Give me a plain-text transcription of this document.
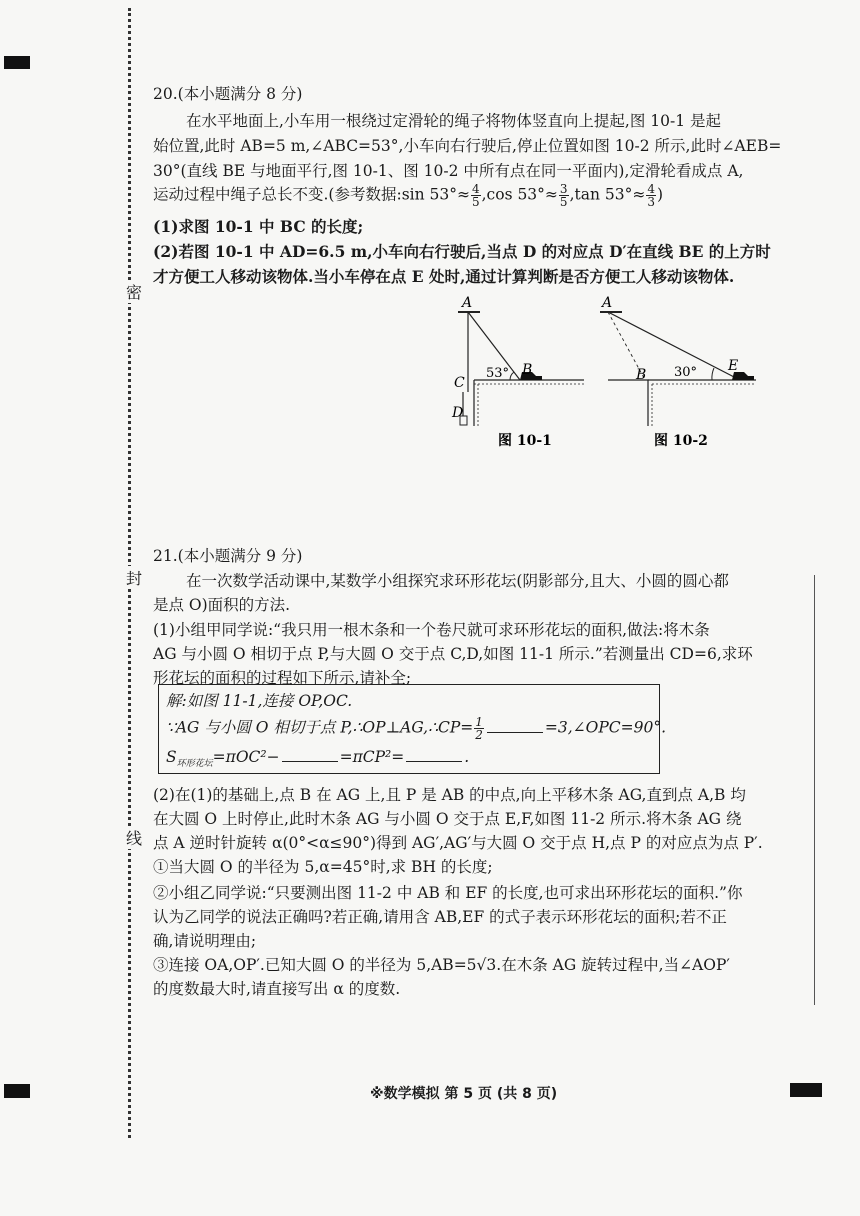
密
封
线
20.(本小题满分 8 分)
在水平地面上,小车用一根绕过定滑轮的绳子将物体竖直向上提起,图 10-1 是起
始位置,此时 AB=5 m,∠ABC=53°,小车向右行驶后,停止位置如图 10-2 所示,此时∠AEB=
30°(直线 BE 与地面平行,图 10-1、图 10-2 中所有点在同一平面内),定滑轮看成点 A,
运动过程中绳子总长不变.(参考数据:sin $53^\circ\approx \frac{4}{5} ,\cos$ $53^\circ\approx \frac{3}{5} ,\tan$ $53^\circ\approx \frac{4}{3}$ )
(1)求图 10-1 中 BC 的长度;
(2)若图 10-1 中 AD=6.5 m,小车向右行驶后,当点 D 的对应点 D′在直线 BE 的上方时
才方便工人移动该物体.当小车停在点 E 处时,通过计算判断是否方便工人移动该物体.
A
B
C
D
53°
图 10-1
A
B
E
30°
图 10-2
21.(本小题满分 9 分)
在一次数学活动课中,某数学小组探究求环形花坛(阴影部分,且大、小圆的圆心都
是点 O)面积的方法.
(1)小组甲同学说:“我只用一根木条和一个卷尺就可求环形花坛的面积,做法:将木条
AG 与小圆 O 相切于点 P,与大圆 O 交于点 C,D,如图 11-1 所示.”若测量出 CD=6,求环
形花坛的面积的过程如下所示,请补全;
解:如图 11-1,连接 OP,OC.
∵AG 与小圆 O 相切于点 P,∴OP⊥AG,∴CP= $\frac{1}{2}$	=3,∠OPC=90°.
$S_{环形花坛}=\pi OC^2-$	=πCP²=	.
(2)在(1)的基础上,点 B 在 AG 上,且 P 是 AB 的中点,向上平移木条 AG,直到点 A,B 均
在大圆 O 上时停止,此时木条 AG 与小圆 O 交于点 E,F,如图 11-2 所示.将木条 AG 绕
点 A 逆时针旋转 α(0°<α≤90°)得到 AG′,AG′与大圆 O 交于点 H,点 P 的对应点为点 P′.
①当大圆 O 的半径为 5,α=45°时,求 BH 的长度;
②小组乙同学说:“只要测出图 11-2 中 AB 和 EF 的长度,也可求出环形花坛的面积.”你
认为乙同学的说法正确吗?若正确,请用含 AB,EF 的式子表示环形花坛的面积;若不正
确,请说明理由;
③连接 OA,OP′.已知大圆 O 的半径为 5,AB=5√3.在木条 AG 旋转过程中,当∠AOP′
的度数最大时,请直接写出 α 的度数.
※数学模拟 第 5 页 (共 8 页)
